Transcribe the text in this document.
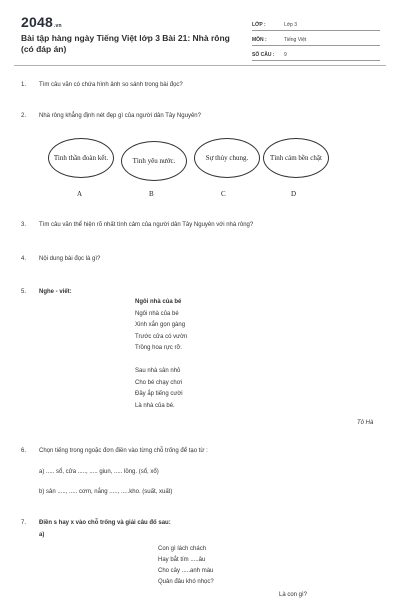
2048.vn
Bài tập hàng ngày Tiếng Việt lớp 3 Bài 21: Nhà rông (có đáp án)
LỚP :	Lớp 3
MÔN :	Tiếng Việt
SỐ CÂU :	9
1. Tìm câu văn có chứa hình ảnh so sánh trong bài đọc?
2. Nhà rông khẳng định nét đẹp gì của người dân Tây Nguyên?
Tinh thần đoàn kết.	Tình yêu nước.	Sự thủy chung.	Tình cảm bền chặt
A	B	C	D
3. Tìm câu văn thể hiện rõ nhất tình cảm của người dân Tây Nguyên với nhà rông?
4. Nội dung bài đọc là gì?
5. Nghe - viết:
Ngôi nhà của bé
Ngôi nhà của bé
Xinh xắn gọn gàng
Trước cửa có vườn
Trồng hoa rực rỡ.
Sau nhà sân nhỏ
Cho bé chạy chơi
Đầy ắp tiếng cười
Là nhà của bé.
Tô Hà
6. Chọn tiếng trong ngoặc đơn điền vào từng chỗ trống để tạo từ :
a) ..... sổ, cửa ....., ..... giun, ..... lồng. (sổ, xổ)
b) sản ....., ..... cơm, nắng ....., .....kho. (suất, xuất)
7. Điền s hay x vào chỗ trống và giải câu đố sau:
a)
Con gì lách chách
Hay bắt tím .....âu
Cho cây .....anh màu
Quản đâu khó nhọc?
Là con gì?
